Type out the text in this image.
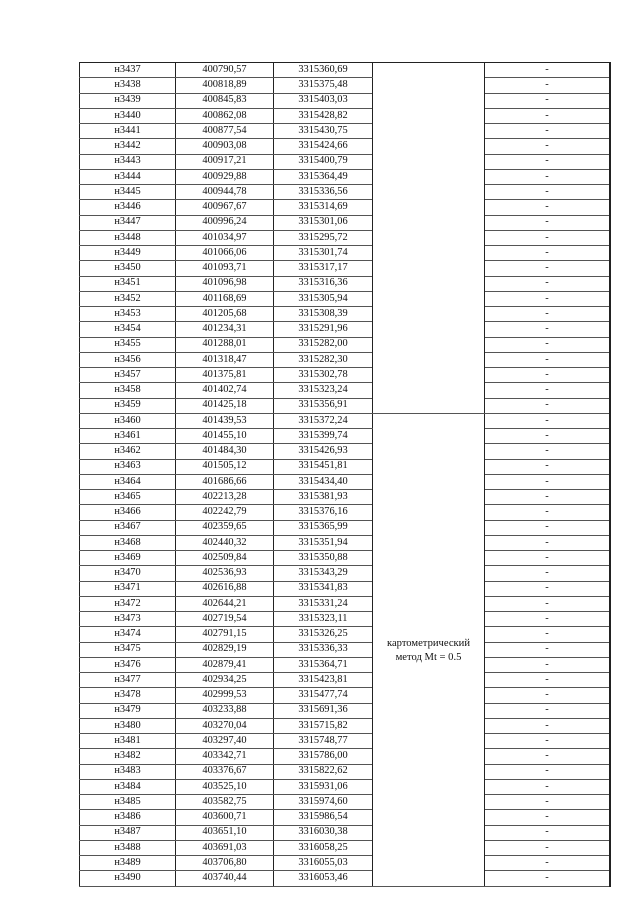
н3437	400790,57	3315360,69		-
н3438	400818,89	3315375,48		-
н3439	400845,83	3315403,03		-
н3440	400862,08	3315428,82		-
н3441	400877,54	3315430,75		-
н3442	400903,08	3315424,66		-
н3443	400917,21	3315400,79		-
н3444	400929,88	3315364,49		-
н3445	400944,78	3315336,56		-
н3446	400967,67	3315314,69		-
н3447	400996,24	3315301,06		-
н3448	401034,97	3315295,72		-
н3449	401066,06	3315301,74		-
н3450	401093,71	3315317,17		-
н3451	401096,98	3315316,36		-
н3452	401168,69	3315305,94		-
н3453	401205,68	3315308,39		-
н3454	401234,31	3315291,96		-
н3455	401288,01	3315282,00		-
н3456	401318,47	3315282,30		-
н3457	401375,81	3315302,78		-
н3458	401402,74	3315323,24		-
н3459	401425,18	3315356,91		-
н3460	401439,53	3315372,24	картометрический
метод Mt = 0.5	-
н3461	401455,10	3315399,74		-
н3462	401484,30	3315426,93		-
н3463	401505,12	3315451,81		-
н3464	401686,66	3315434,40		-
н3465	402213,28	3315381,93		-
н3466	402242,79	3315376,16		-
н3467	402359,65	3315365,99		-
н3468	402440,32	3315351,94		-
н3469	402509,84	3315350,88		-
н3470	402536,93	3315343,29		-
н3471	402616,88	3315341,83		-
н3472	402644,21	3315331,24		-
н3473	402719,54	3315323,11		-
н3474	402791,15	3315326,25		-
н3475	402829,19	3315336,33		-
н3476	402879,41	3315364,71		-
н3477	402934,25	3315423,81		-
н3478	402999,53	3315477,74		-
н3479	403233,88	3315691,36		-
н3480	403270,04	3315715,82		-
н3481	403297,40	3315748,77		-
н3482	403342,71	3315786,00		-
н3483	403376,67	3315822,62		-
н3484	403525,10	3315931,06		-
н3485	403582,75	3315974,60		-
н3486	403600,71	3315986,54		-
н3487	403651,10	3316030,38		-
н3488	403691,03	3316058,25		-
н3489	403706,80	3316055,03		-
н3490	403740,44	3316053,46		-
